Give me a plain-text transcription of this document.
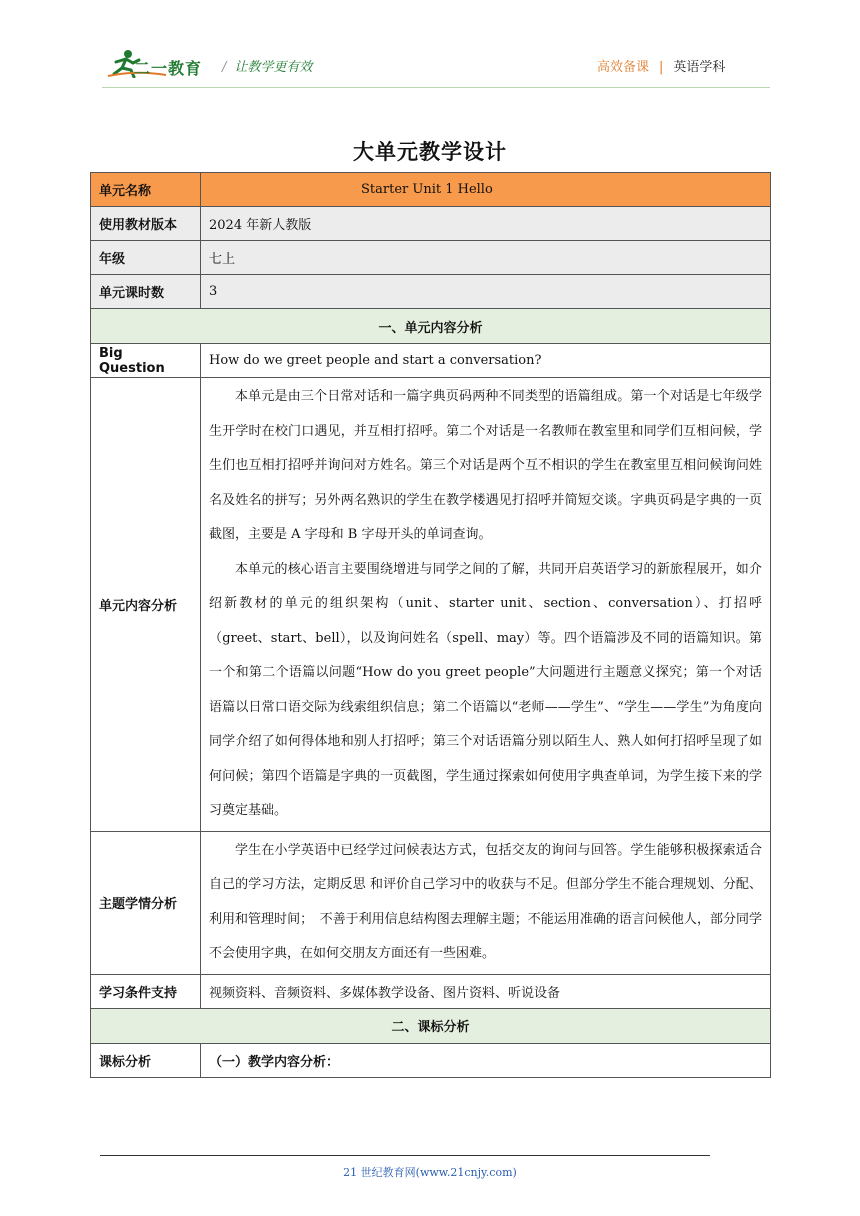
二一教育 / 让教学更有效	高效备课 | 英语学科
大单元教学设计
单元名称	Starter Unit 1 Hello
使用教材版本	2024 年新人教版
年级	七上
单元课时数	3
一、单元内容分析	
Big Question	How do we greet people and start a conversation?
单元内容分析	本单元是由三个日常对话和一篇字典页码两种不同类型的语篇组成。第一个对话是七年级学生开学时在校门口遇见，并互相打招呼。第二个对话是一名教师在教室里和同学们互相问候，学生们也互相打招呼并询问对方姓名。第三个对话是两个互不相识的学生在教室里互相问候询问姓名及姓名的拼写；另外两名熟识的学生在教学楼遇见打招呼并简短交谈。字典页码是字典的一页截图，主要是 A 字母和 B 字母开头的单词查询。

本单元的核心语言主要围绕增进与同学之间的了解，共同开启英语学习的新旅程展开，如介绍新教材的单元的组织架构（unit、starter unit、section、conversation）、打招呼（greet、start、bell），以及询问姓名（spell、may）等。四个语篇涉及不同的语篇知识。第一个和第二个语篇以问题“How do you greet people”大问题进行主题意义探究；第一个对话语篇以日常口语交际为线索组织信息；第二个语篇以“老师——学生”、“学生——学生”为角度向同学介绍了如何得体地和别人打招呼；第三个对话语篇分别以陌生人、熟人如何打招呼呈现了如何问候；第四个语篇是字典的一页截图，学生通过探索如何使用字典查单词，为学生接下来的学习奠定基础。

主题学情分析	学生在小学英语中已经学过问候表达方式，包括交友的询问与回答。学生能够积极探索适合自己的学习方法，定期反思 和评价自己学习中的收获与不足。但部分学生不能合理规划、分配、利用和管理时间；　不善于利用信息结构图去理解主题；不能运用准确的语言问候他人，部分同学不会使用字典，在如何交朋友方面还有一些困难。

学习条件支持	视频资料、音频资料、多媒体教学设备、图片资料、听说设备
二、课标分析	
课标分析	（一）教学内容分析：
21 世纪教育网(www.21cnjy.com)
